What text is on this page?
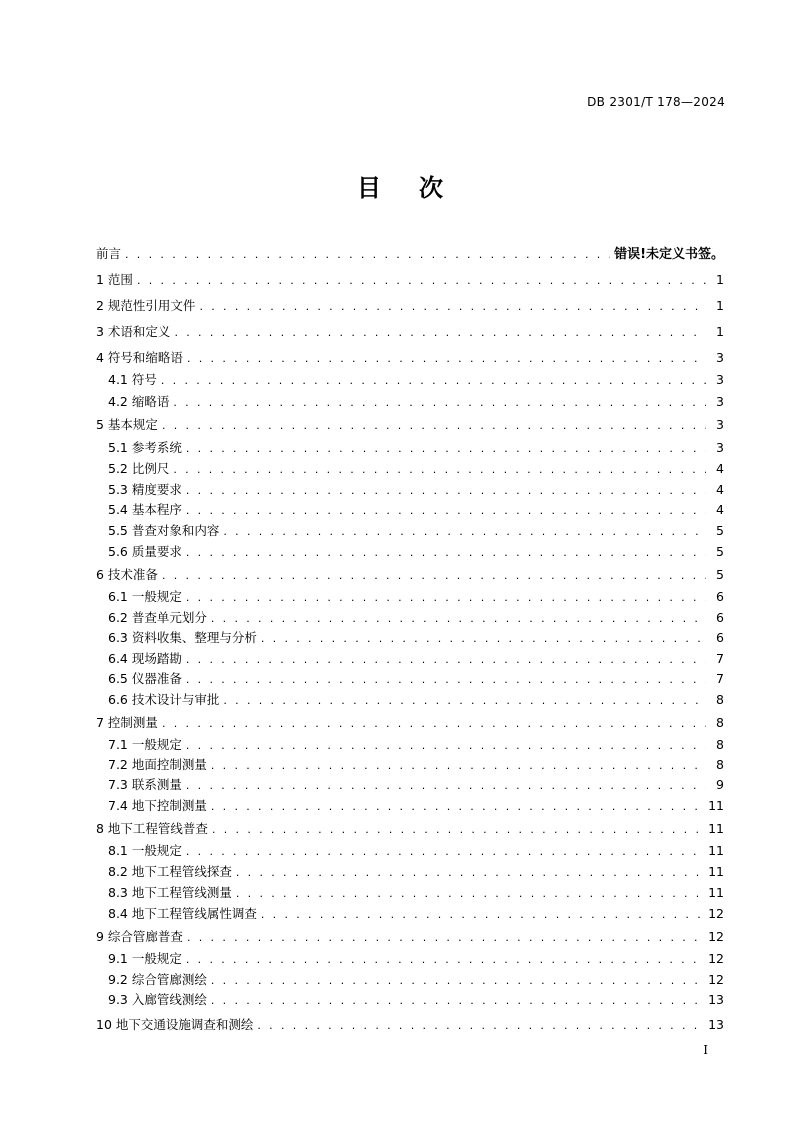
DB 2301/T 178—2024
目次
前言 . . .	错误!未定义书签。
1 范围 . . .	1
2 规范性引用文件 . . .	1
3 术语和定义 . . .	1
4 符号和缩略语 . . .	3
4.1 符号 . . .	3
4.2 缩略语 . . .	3
5 基本规定 . . .	3
5.1 参考系统 . . .	3
5.2 比例尺 . . .	4
5.3 精度要求 . . .	4
5.4 基本程序 . . .	4
5.5 普查对象和内容 . . .	5
5.6 质量要求 . . .	5
6 技术准备 . . .	5
6.1 一般规定 . . .	6
6.2 普查单元划分 . . .	6
6.3 资料收集、整理与分析 . . .	6
6.4 现场踏勘 . . .	7
6.5 仪器准备 . . .	7
6.6 技术设计与审批 . . .	8
7 控制测量 . . .	8
7.1 一般规定 . . .	8
7.2 地面控制测量 . . .	8
7.3 联系测量 . . .	9
7.4 地下控制测量 . . .	11
8 地下工程管线普查 . . .	11
8.1 一般规定 . . .	11
8.2 地下工程管线探查 . . .	11
8.3 地下工程管线测量 . . .	11
8.4 地下工程管线属性调查 . . .	12
9 综合管廊普查 . . .	12
9.1 一般规定 . . .	12
9.2 综合管廊测绘 . . .	12
9.3 入廊管线测绘 . . .	13
10 地下交通设施调查和测绘 . . .	13
I
